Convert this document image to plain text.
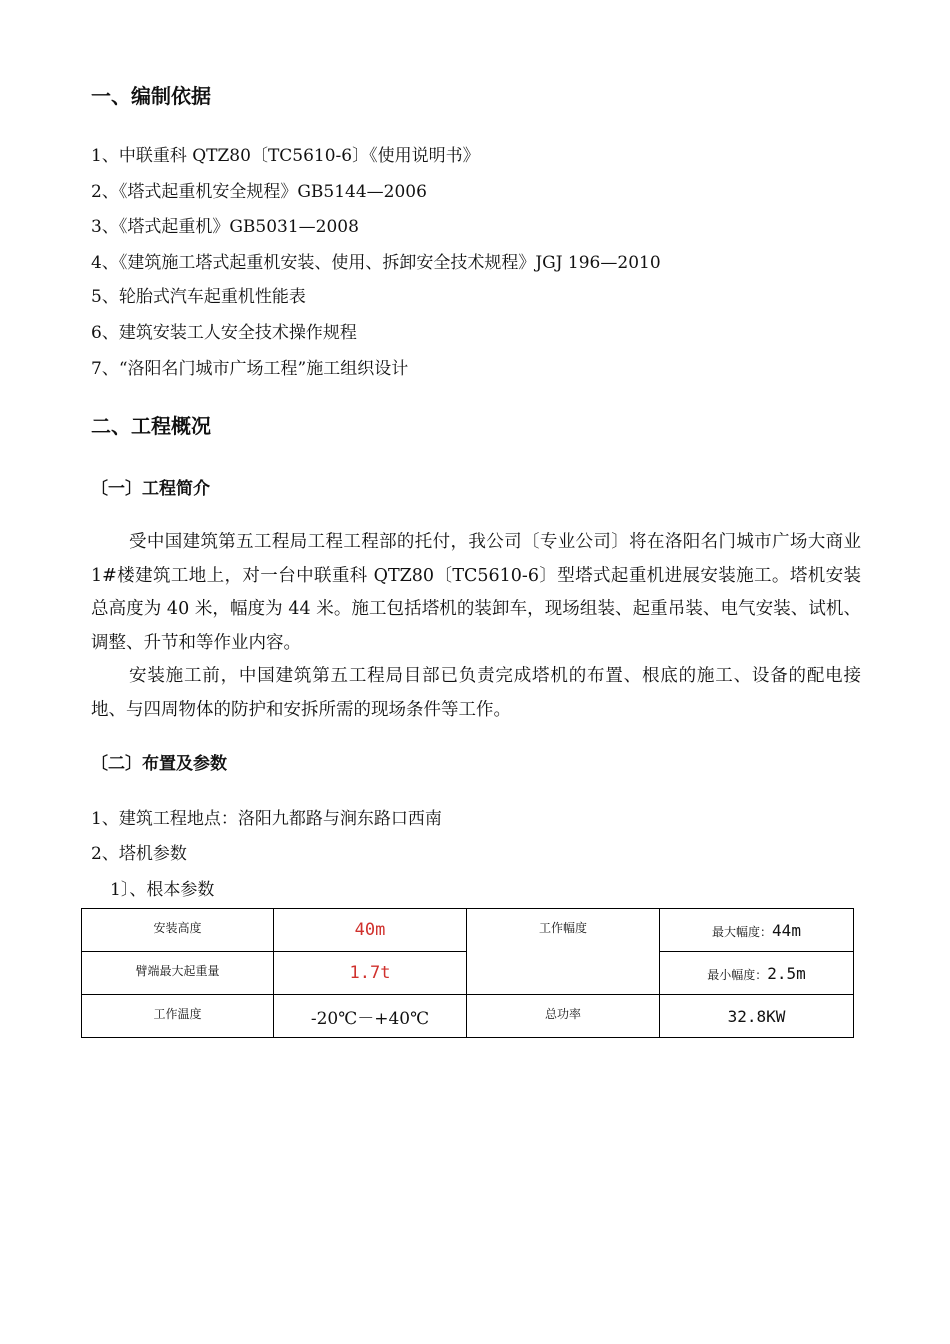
一、编制依据
1、中联重科 QTZ80〔TC5610-6〕《使用说明书》
2、《塔式起重机安全规程》GB5144—2006
3、《塔式起重机》GB5031—2008
4、《建筑施工塔式起重机安装、使用、拆卸安全技术规程》JGJ 196—2010
5、轮胎式汽车起重机性能表
6、建筑安装工人安全技术操作规程
7、“洛阳名门城市广场工程”施工组织设计
二、工程概况
〔一〕工程简介

受中国建筑第五工程局工程工程部的托付，我公司〔专业公司〕将在洛阳名门城市广场大商业 1#楼建筑工地上，对一台中联重科 QTZ80〔TC5610-6〕型塔式起重机进展安装施工。塔机安装总高度为 40 米，幅度为 44 米。施工包括塔机的装卸车，现场组装、起重吊装、电气安装、试机、调整、升节和等作业内容。

安装施工前，中国建筑第五工程局目部已负责完成塔机的布置、根底的施工、设备的配电接地、与四周物体的防护和安拆所需的现场条件等工作。

〔二〕布置及参数
1、建筑工程地点：洛阳九都路与涧东路口西南
2、塔机参数
1〕、根本参数
安装高度	40m	工作幅度	最大幅度：44m
臂端最大起重量	1.7t		最小幅度：2.5m
工作温度	-20℃－+40℃	总功率	32.8KW
